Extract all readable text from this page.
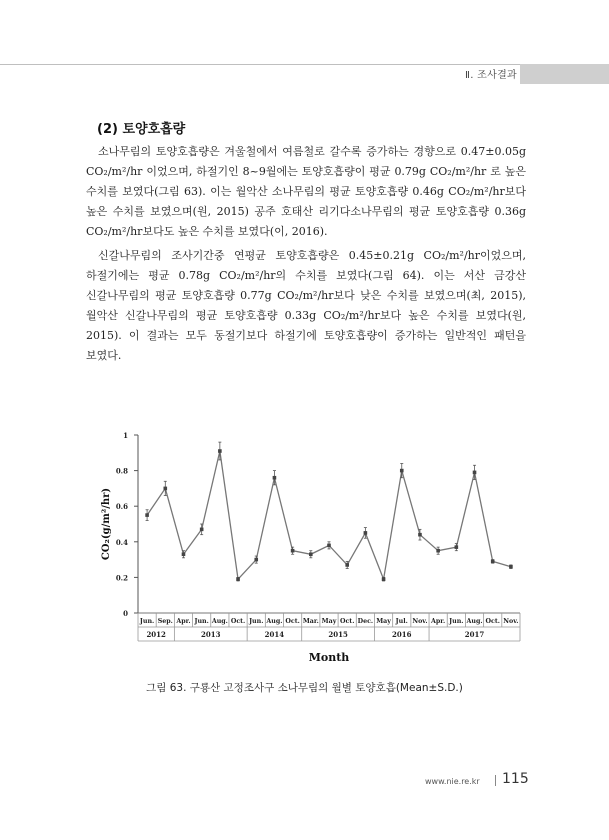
Ⅱ. 조사결과
(2) 토양호흡량
소나무림의 토양호흡량은 겨울철에서 여름철로 갈수록 증가하는 경향으로 0.47±0.05g
CO₂/m²/hr 이었으며, 하절기인 8~9월에는 토양호흡량이 평균 0.79g CO₂/m²/hr 로 높은
수치를 보였다(그림 63). 이는 월악산 소나무림의 평균 토양호흡량 0.46g CO₂/m²/hr보다
높은 수치를 보였으며(원, 2015) 공주 호태산 리기다소나무림의 평균 토양호흡량 0.36g
CO₂/m²/hr보다도 높은 수치를 보였다(이, 2016).
신갈나무림의 조사기간중 연평균 토양호흡량은 0.45±0.21g CO₂/m²/hr이었으며,
하절기에는 평균 0.78g CO₂/m²/hr의 수치를 보였다(그림 64). 이는 서산 금강산
신갈나무림의 평균 토양호흡량 0.77g CO₂/m²/hr보다 낮은 수치를 보였으며(최, 2015),
월악산 신갈나무림의 평균 토양호흡량 0.33g CO₂/m²/hr보다 높은 수치를 보였다(원,
2015). 이 결과는 모두 동절기보다 하절기에 토양호흡량이 증가하는 일반적인 패턴을
보였다.
0
0.2
0.4
0.6
0.8
1
Jun. Sep. Apr. Jun. Aug. Oct. Jun. Aug. Oct. Mar. May Oct. Dec. May Jul. Nov. Apr. Jun. Aug. Oct. Nov.
2012	2013	2014	2015	2016	2017
Month
CO₂(g/m²/hr)
그림 63. 구룡산 고정조사구 소나무림의 월별 토양호흡(Mean±S.D.)
www.nie.re.kr 115
